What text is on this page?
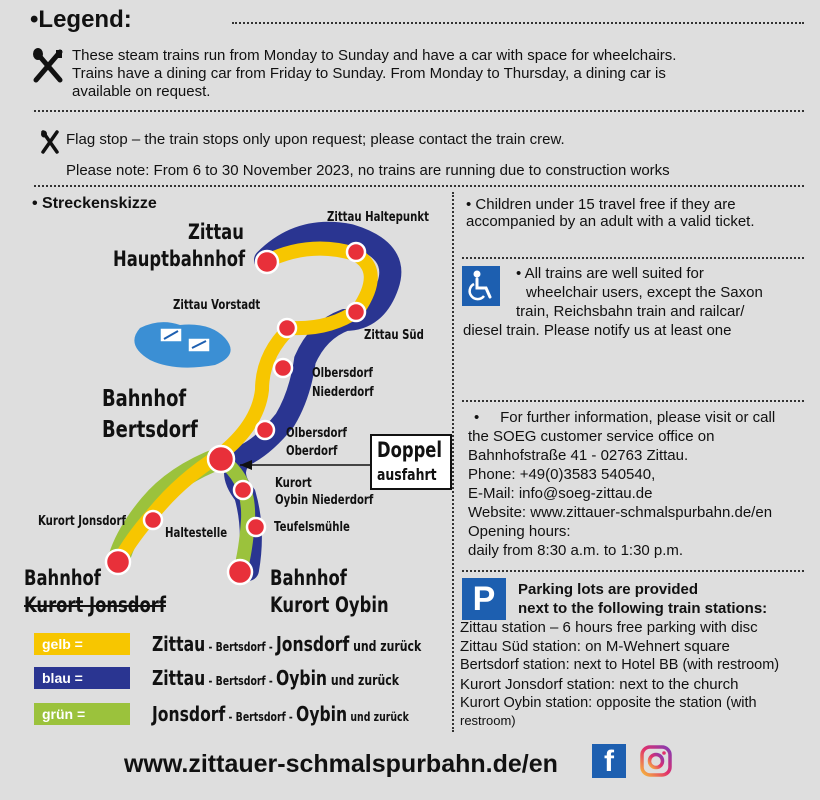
•Legend:
These steam trains run from Monday to Sunday and have a car with space for wheelchairs.
Trains have a dining car from Friday to Sunday. From Monday to Thursday, a dining car is
available on request.
Flag stop – the train stops only upon request; please contact the train crew.
Please note: From 6 to 30 November 2023, no trains are running due to construction works
• Streckenskizze
Zittau
Hauptbahnhof
Zittau Haltepunkt
Zittau Vorstadt
Zittau Süd
Olbersdorf
Niederdorf
Bahnhof
Bertsdorf	Olbersdorf
Oberdorf
Kurort
Oybin Niederdorf
Kurort Jonsdorf
Haltestelle	Teufelsmühle
Bahnhof
Kurort Jonsdorf
Bahnhof
Kurort Oybin
Doppel
ausfahrt
gelb =	Zittau - Bertsdorf - Jonsdorf und zurück
blau =	Zittau - Bertsdorf - Oybin und zurück
grün =	Jonsdorf - Bertsdorf - Oybin und zurück
• Children under 15 travel free if they are accompanied by an adult with a valid ticket.
• All trains are well suited for
wheelchair users, except the Saxon
train, Reichsbahn train and railcar/
diesel train. Please notify us at least one
•     For further information, please visit or call
the SOEG customer service office on
Bahnhofstraße 41 - 02763 Zittau.
Phone: +49(0)3583 540540,
E-Mail: info@soeg-zittau.de
Website: www.zittauer-schmalspurbahn.de/en
Opening hours:
daily from 8:30 a.m. to 1:30 p.m.
P Parking lots are provided
next to the following train stations:
Zittau station – 6 hours free parking with disc
Zittau Süd station: on M-Wehnert square
Bertsdorf station: next to Hotel BB (with restroom)
Kurort Jonsdorf station: next to the church
Kurort Oybin station: opposite the station (with
restroom)
www.zittauer-schmalspurbahn.de/en f
